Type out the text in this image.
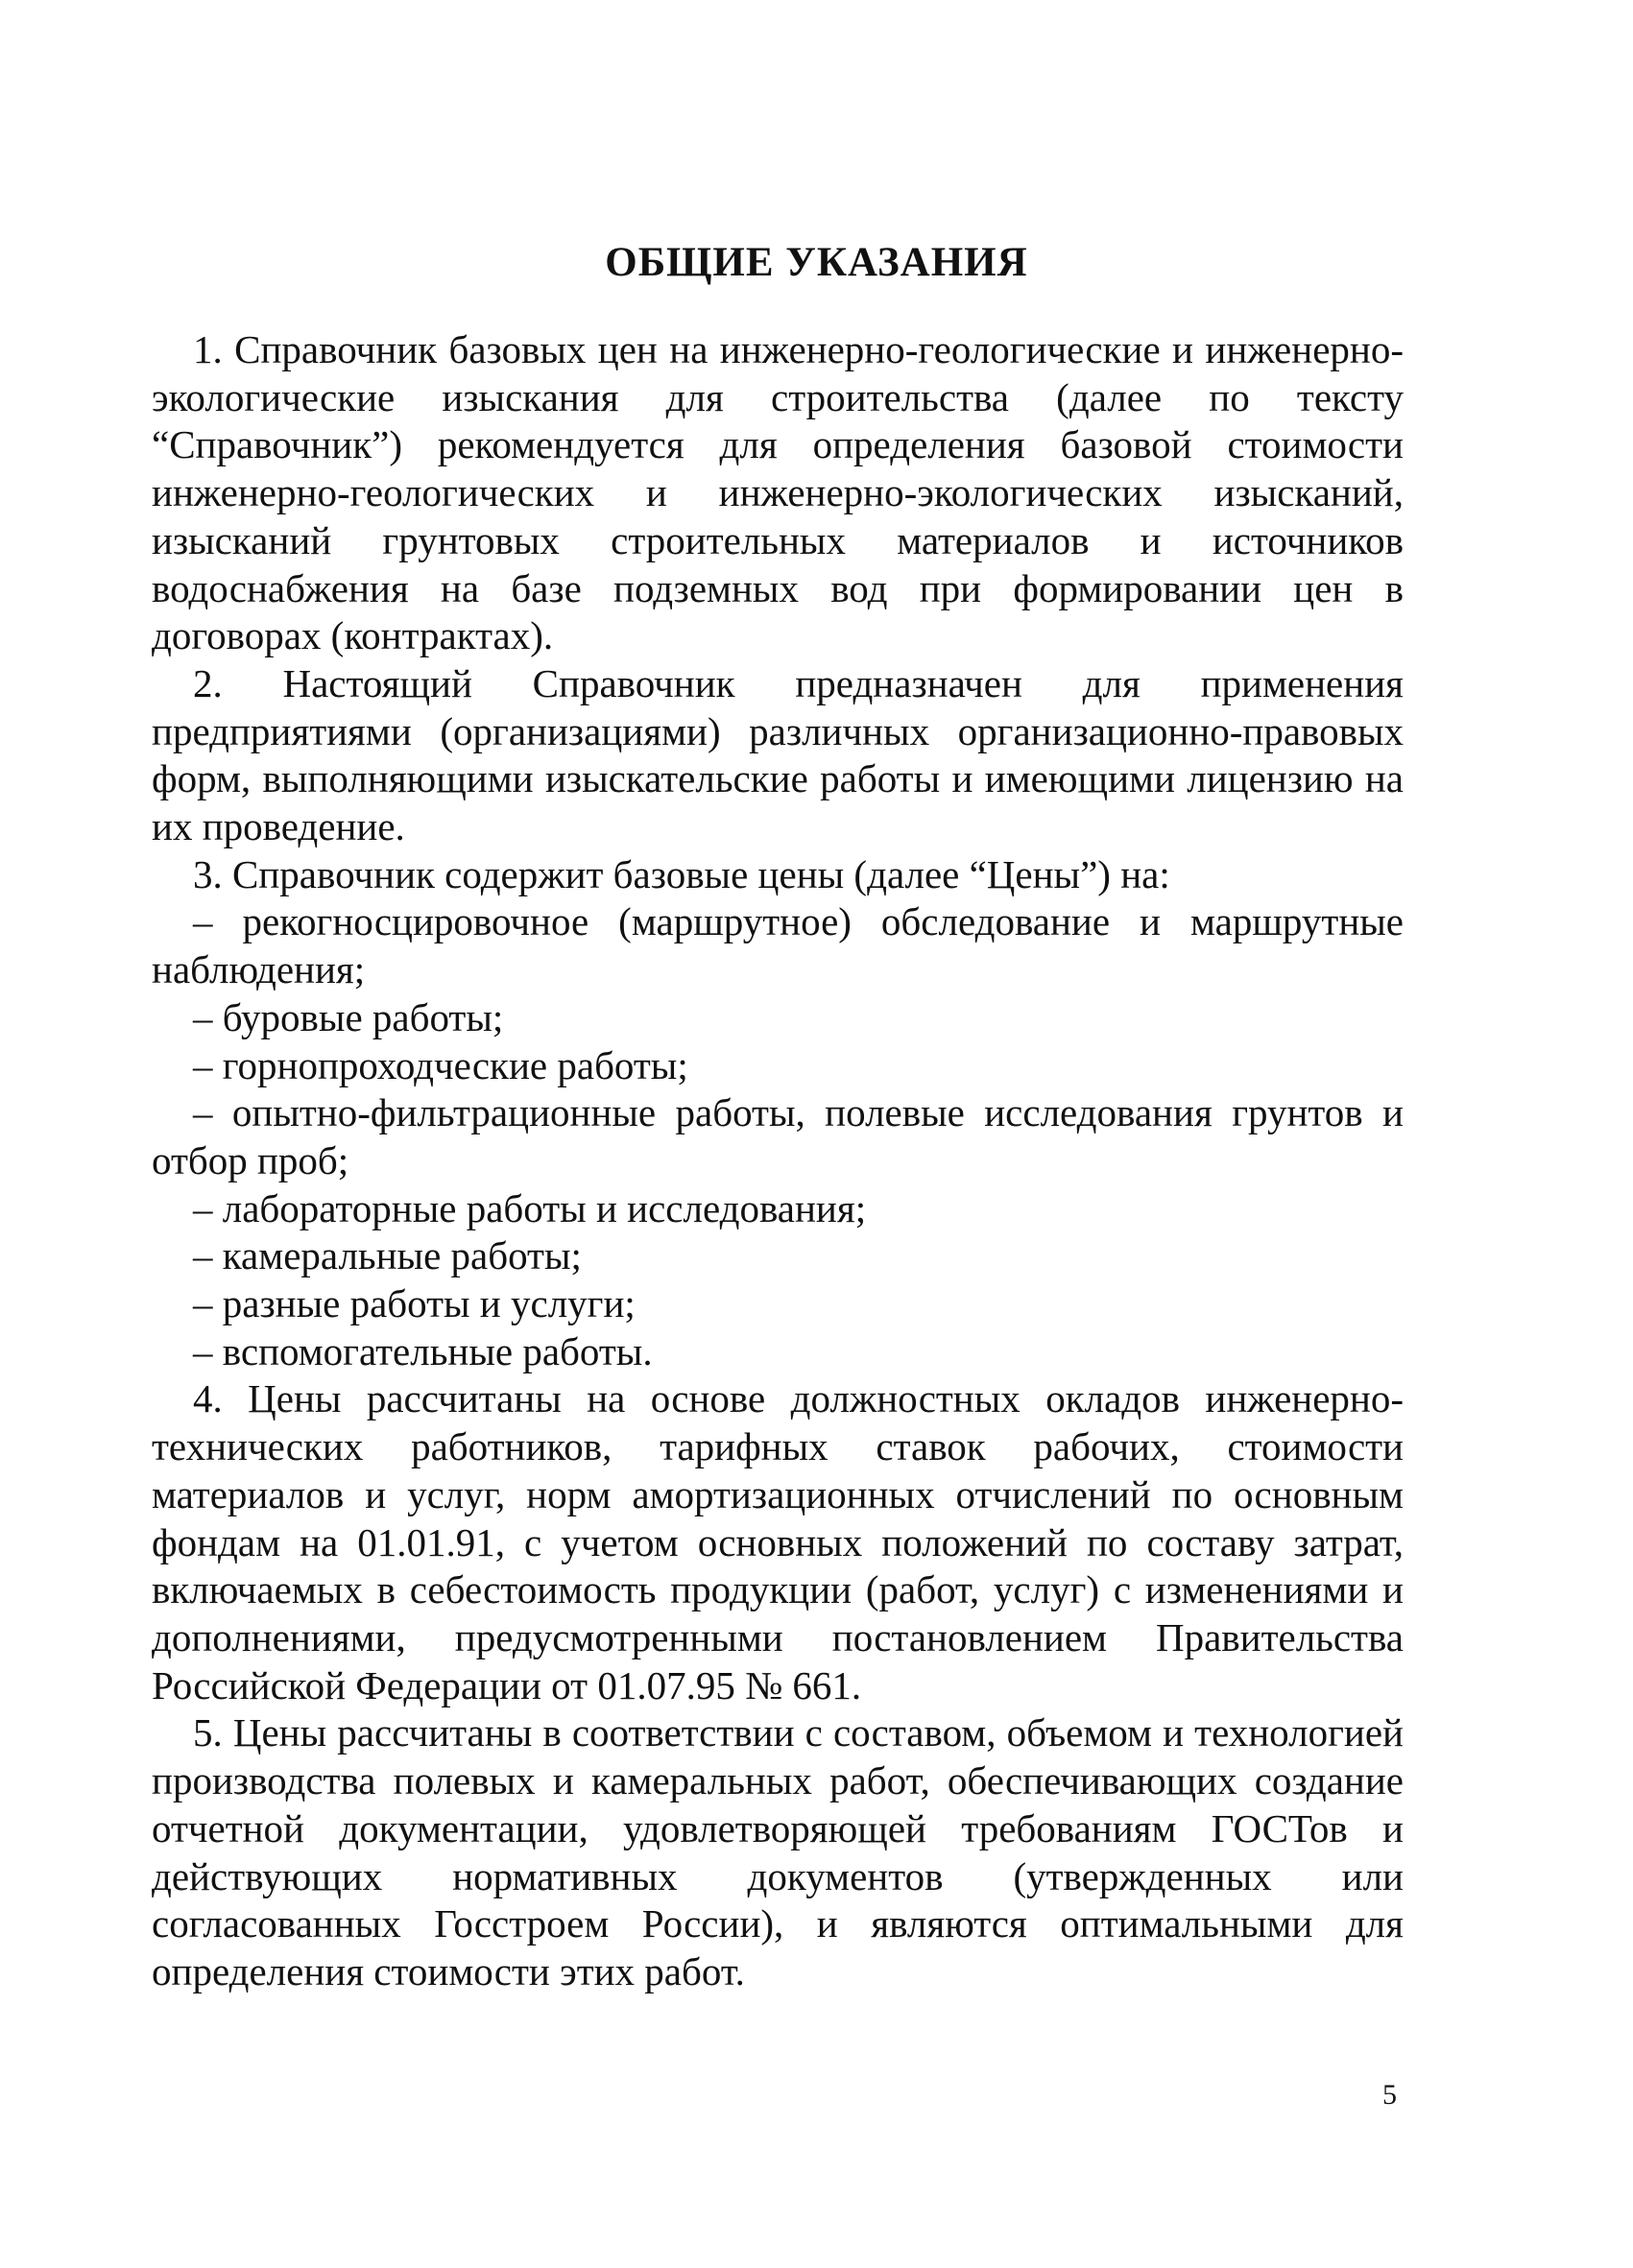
ОБЩИЕ УКАЗАНИЯ

1. Справочник базовых цен на инженерно-геологические и инженерно-экологические изыскания для строительства (далее по тексту “Справочник”) рекомендуется для определения базовой стоимости инженерно-геологических и инженерно-экологических изысканий, изысканий грунтовых строительных материалов и источников водоснабжения на базе подземных вод при формировании цен в договорах (контрактах).

2. Настоящий Справочник предназначен для применения предприятиями (организациями) различных организационно-правовых форм, выполняющими изыскательские работы и имеющими лицензию на их проведение.

3. Справочник содержит базовые цены (далее “Цены”) на:

– рекогносцировочное (маршрутное) обследование и маршрутные наблюдения;

– буровые работы;

– горнопроходческие работы;

– опытно-фильтрационные работы, полевые исследования грунтов и отбор проб;

– лабораторные работы и исследования;

– камеральные работы;

– разные работы и услуги;

– вспомогательные работы.

4. Цены рассчитаны на основе должностных окладов инженерно-технических работников, тарифных ставок рабочих, стоимости материалов и услуг, норм амортизационных отчислений по основным фондам на 01.01.91, с учетом основных положений по составу затрат, включаемых в себестоимость продукции (работ, услуг) с изменениями и дополнениями, предусмотренными постановлением Правительства Российской Федерации от 01.07.95 № 661.

5. Цены рассчитаны в соответствии с составом, объемом и технологией производства полевых и камеральных работ, обеспечивающих создание отчетной документации, удовлетворяющей требованиям ГОСТов и действующих нормативных документов (утвержденных или согласованных Госстроем России), и являются оптимальными для определения стоимости этих работ.

5
